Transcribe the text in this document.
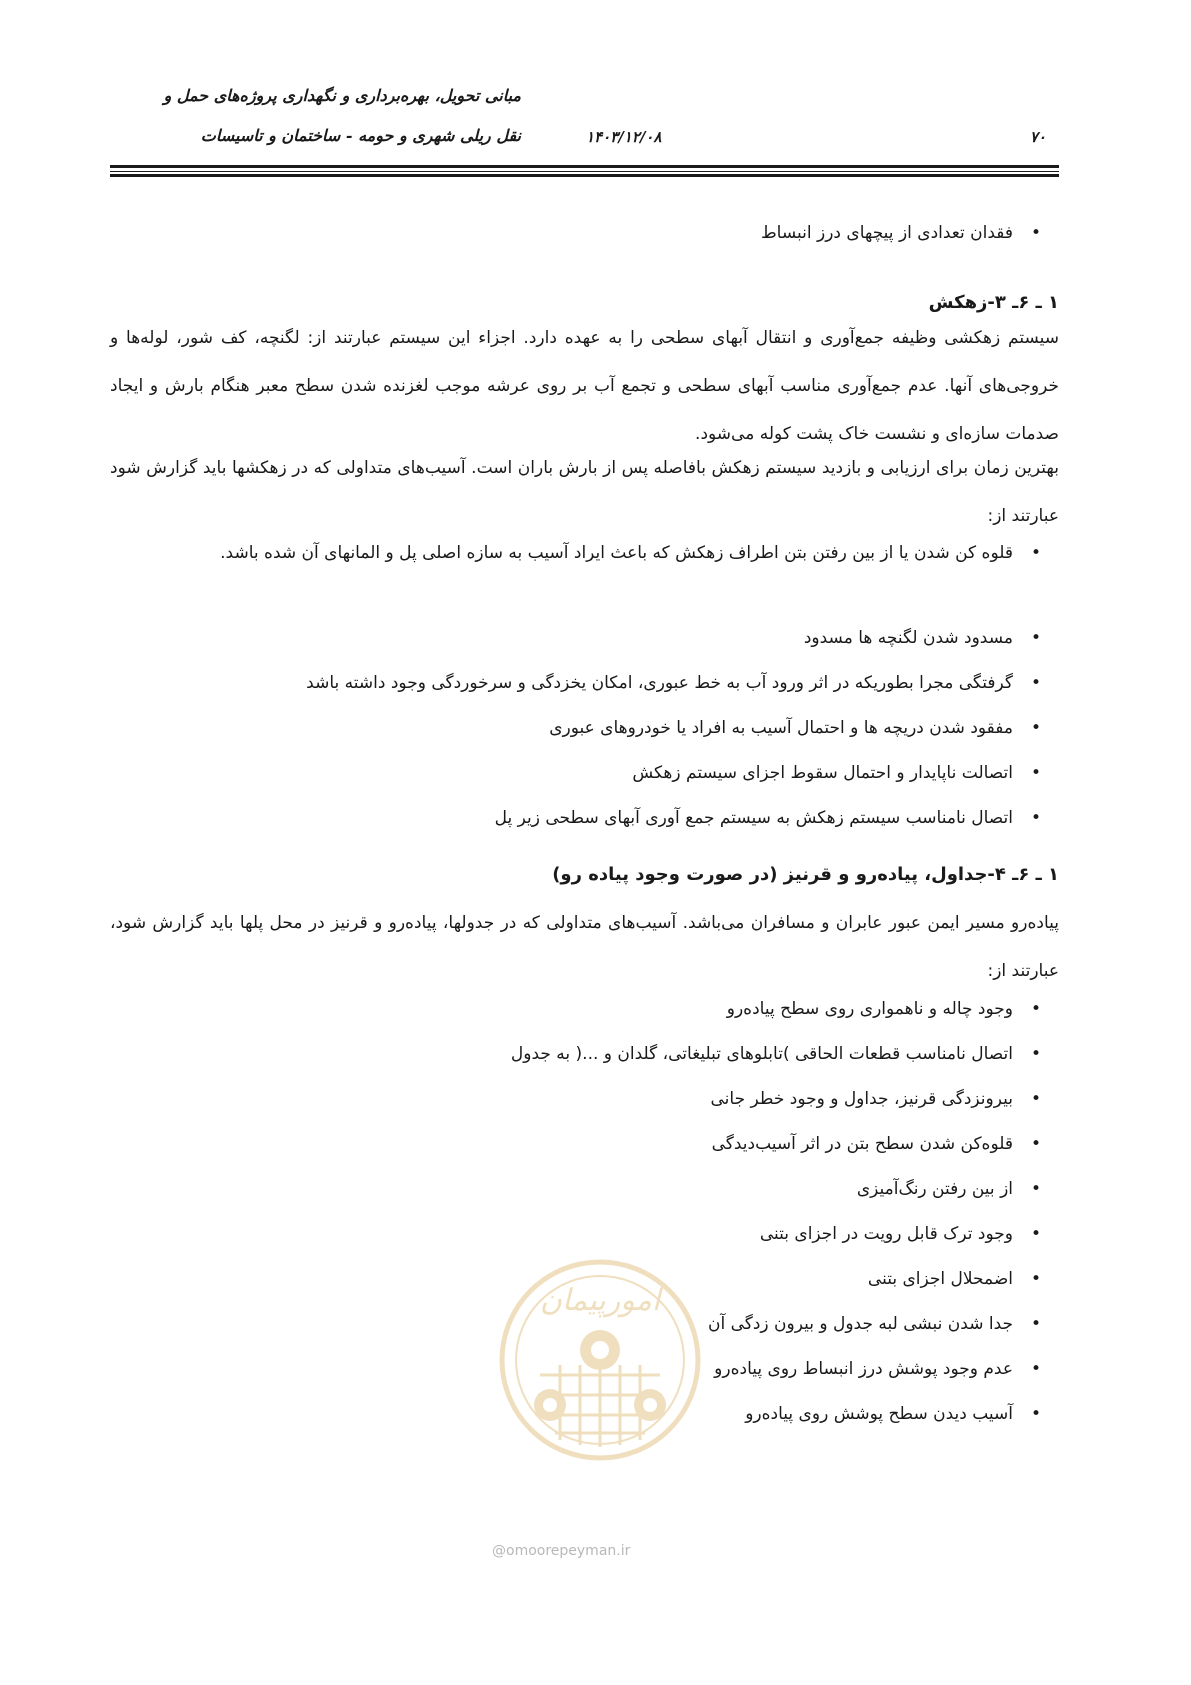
مبانی تحویل، بهره‌برداری و نگهداری پروژه‌های حمل و
نقل ریلی شهری و حومه - ساختمان و تاسیسات	۱۴۰۳/۱۲/۰۸	۷۰
•فقدان تعدادی از پیچهای درز انبساط
۱ ـ ۶ـ ۳-زهکش
سیستم زهکشی وظیفه جمع‌آوری و انتقال آبهای سطحی را به عهده دارد. اجزاء این سیستم عبارتند از: لگنچه، کف شور، لوله‌ها و خروجی‌های آنها. عدم جمع‌آوری مناسب آبهای سطحی و تجمع آب بر روی عرشه موجب لغزنده شدن سطح معبر هنگام بارش و ایجاد صدمات سازه‌ای و نشست خاک پشت کوله می‌شود.
بهترین زمان برای ارزیابی و بازدید سیستم زهکش بافاصله پس از بارش باران است. آسیب‌های متداولی که در زهکشها باید گزارش شود عبارتند از:
•قلوه کن شدن یا از بین رفتن بتن اطراف زهکش که باعث ایراد آسیب به سازه اصلی پل و المانهای آن شده باشد.
•مسدود شدن لگنچه ها مسدود
•گرفتگی مجرا بطوریکه در اثر ورود آب به خط عبوری، امکان یخزدگی و سرخوردگی وجود داشته باشد
•مفقود شدن دریچه ها و احتمال آسیب به افراد یا خودروهای عبوری
•اتصالت ناپایدار و احتمال سقوط اجزای سیستم زهکش
•اتصال نامناسب سیستم زهکش به سیستم جمع آوری آبهای سطحی زیر پل
۱ ـ ۶ـ ۴-جداول، پیاده‌رو و قرنیز (در صورت وجود پیاده رو)
پیاده‌رو مسیر ایمن عبور عابران و مسافران می‌باشد. آسیب‌های متداولی که در جدولها، پیاده‌رو و قرنیز در محل پلها باید گزارش شود، عبارتند از:
•وجود چاله و ناهمواری روی سطح پیاده‌رو
•اتصال نامناسب قطعات الحاقی )تابلوهای تبلیغاتی، گلدان و ...( به جدول
•بیرونزدگی قرنیز، جداول و وجود خطر جانی
•قلوه‌کن شدن سطح بتن در اثر آسیب‌دیدگی
•از بین رفتن رنگ‌آمیزی
•وجود ترک قابل رویت در اجزای بتنی
•اضمحلال اجزای بتنی
•جدا شدن نبشی لبه جدول و بیرون زدگی آن
•عدم وجود پوشش درز انبساط روی پیاده‌رو
•آسیب دیدن سطح پوشش روی پیاده‌رو
امورپیمان
@omoorepeyman.ir
